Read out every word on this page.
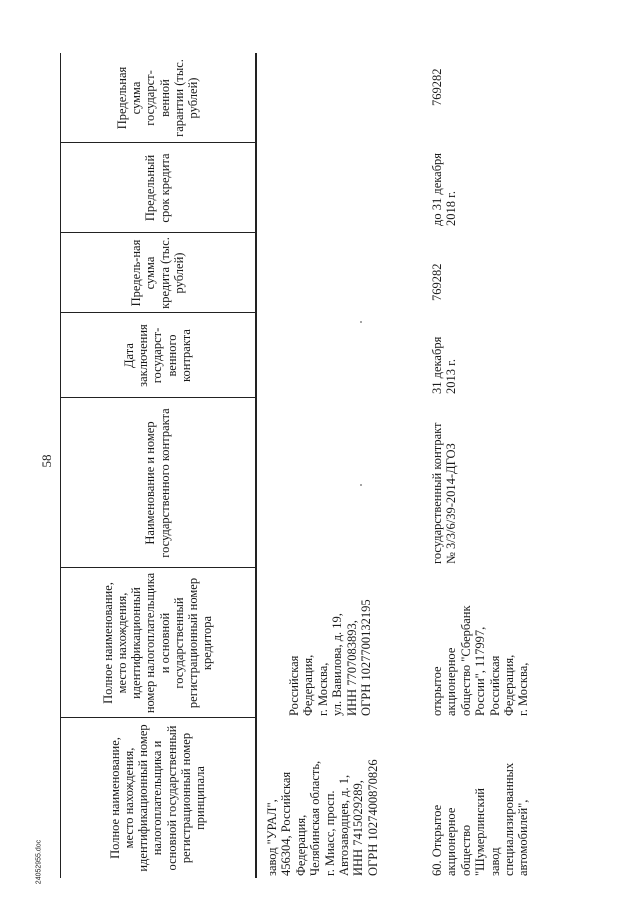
58
24052955.doc
Полное наименование, место нахождения, идентификационный номер налогоплательщика и основной государственный регистрационный номер принципала
Полное наименование, место нахождения, идентификационный номер налогоплательщика и основной государственный регистрационный номер кредитора
Наименование и номер государственного контракта
Дата заключения государст-венного контракта
Предель-ная сумма кредита (тыс. рублей)
Предельный срок кредита
Предельная сумма государст-венной гарантии (тыс. рублей)
завод "УРАЛ",
456304, Российская
Федерация,
Челябинская область,
г. Миасс, просп.
Автозаводцев, д. 1,
ИНН 7415029289,
ОГРН 1027400870826
Российская
Федерация,
г. Москва,
ул. Вавилова, д. 19,
ИНН 7707083893,
ОГРН 1027700132195
60. Открытое
акционерное
общество
"Шумерлинский
завод
специализированных
автомобилей",
открытое
акционерное
общество "Сбербанк
России", 117997,
Российская
Федерация,
г. Москва,
государственный контракт
№ 3/3/6/39-2014-ДГОЗ
31 декабря
2013 г.
769282
до 31 декабря
2018 г.
769282
